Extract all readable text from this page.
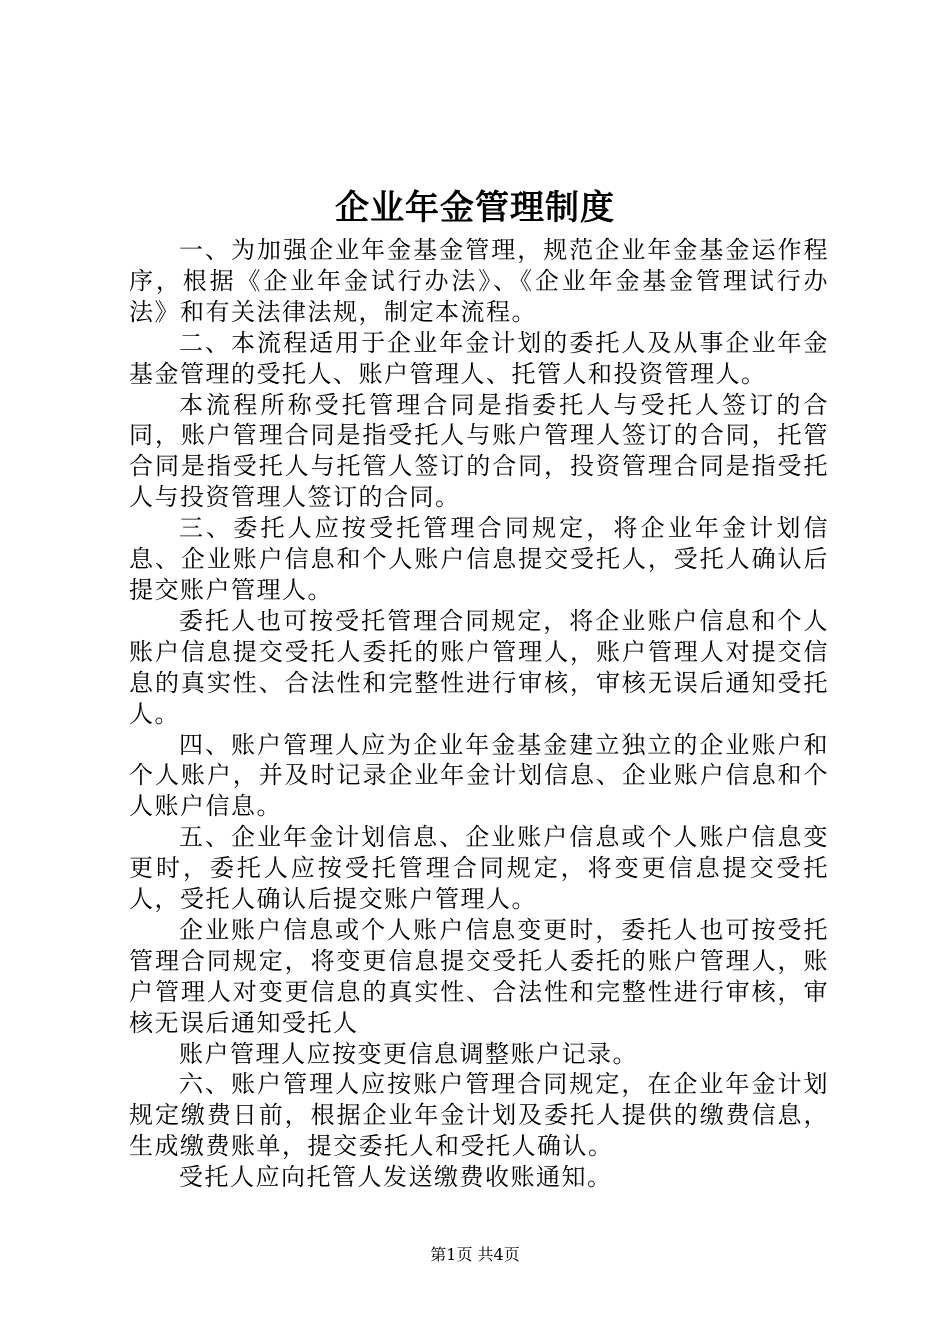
企业年金管理制度

一、为加强企业年金基金管理，规范企业年金基金运作程序，根据《企业年金试行办法》、《企业年金基金管理试行办法》和有关法律法规，制定本流程。

二、本流程适用于企业年金计划的委托人及从事企业年金基金管理的受托人、账户管理人、托管人和投资管理人。

本流程所称受托管理合同是指委托人与受托人签订的合同，账户管理合同是指受托人与账户管理人签订的合同，托管合同是指受托人与托管人签订的合同，投资管理合同是指受托人与投资管理人签订的合同。

三、委托人应按受托管理合同规定，将企业年金计划信息、企业账户信息和个人账户信息提交受托人，受托人确认后提交账户管理人。

委托人也可按受托管理合同规定，将企业账户信息和个人账户信息提交受托人委托的账户管理人，账户管理人对提交信息的真实性、合法性和完整性进行审核，审核无误后通知受托人。

四、账户管理人应为企业年金基金建立独立的企业账户和个人账户，并及时记录企业年金计划信息、企业账户信息和个人账户信息。

五、企业年金计划信息、企业账户信息或个人账户信息变更时，委托人应按受托管理合同规定，将变更信息提交受托人，受托人确认后提交账户管理人。

企业账户信息或个人账户信息变更时，委托人也可按受托管理合同规定，将变更信息提交受托人委托的账户管理人，账户管理人对变更信息的真实性、合法性和完整性进行审核，审核无误后通知受托人

账户管理人应按变更信息调整账户记录。

六、账户管理人应按账户管理合同规定，在企业年金计划规定缴费日前，根据企业年金计划及委托人提供的缴费信息，生成缴费账单，提交委托人和受托人确认。

受托人应向托管人发送缴费收账通知。

第1页 共4页
